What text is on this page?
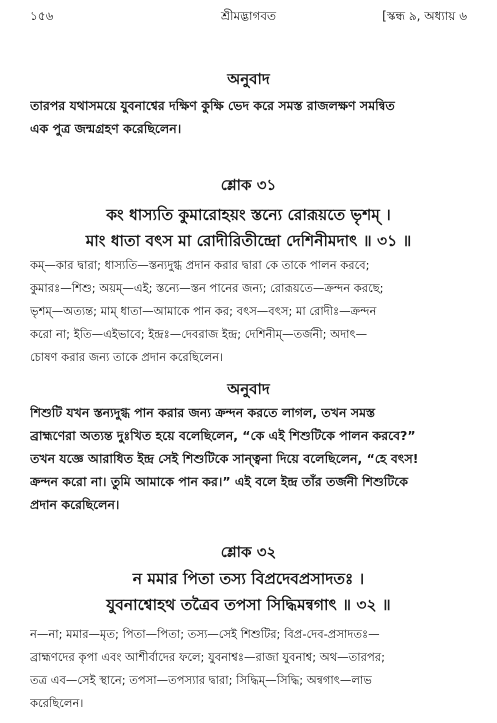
১৫৬	শ্রীমদ্ভাগবত	[স্কন্ধ ৯, অধ্যায় ৬
অনুবাদ
তারপর যথাসময়ে যুবনাশ্বের দক্ষিণ কুক্ষি ভেদ করে সমস্ত রাজলক্ষণ সমন্বিত
এক পুত্র জন্মগ্রহণ করেছিলেন।
শ্লোক ৩১
কং ধাস্যতি কুমারোহয়ং স্তন্যে রোরূয়তে ভৃশম্ ।
মাং ধাতা বৎস মা রোদীরিতীন্দ্রো দেশিনীমদাৎ ॥ ৩১ ॥
কম্—কার দ্বারা; ধাস্যতি—স্তন্যদুগ্ধ প্রদান করার দ্বারা কে তাকে পালন করবে;
কুমারঃ—শিশু; অয়ম্—এই; স্তন্যে—স্তন পানের জন্য; রোরূয়তে—ক্রন্দন করছে;
ভৃশম্—অত্যন্ত; মাম্ ধাতা—আমাকে পান কর; বৎস—বৎস; মা রোদীঃ—ক্রন্দন
করো না; ইতি—এইভাবে; ইন্দ্রঃ—দেবরাজ ইন্দ্র; দেশিনীম্—তর্জনী; অদাৎ—
চোষণ করার জন্য তাকে প্রদান করেছিলেন।
অনুবাদ
শিশুটি যখন স্তন্যদুগ্ধ পান করার জন্য ক্রন্দন করতে লাগল, তখন সমস্ত
ব্রাহ্মণেরা অত্যন্ত দুঃখিত হয়ে বলেছিলেন, “কে এই শিশুটিকে পালন করবে?”
তখন যজ্ঞে আরাধিত ইন্দ্র সেই শিশুটিকে সান্ত্বনা দিয়ে বলেছিলেন, “হে বৎস!
ক্রন্দন করো না। তুমি আমাকে পান কর।” এই বলে ইন্দ্র তাঁর তর্জনী শিশুটিকে
প্রদান করেছিলেন।
শ্লোক ৩২
ন মমার পিতা তস্য বিপ্রদেবপ্রসাদতঃ ।
যুবনাশ্বোহথ তত্রৈব তপসা সিদ্ধিমন্বগাৎ ॥ ৩২ ॥
ন—না; মমার—মৃত; পিতা—পিতা; তস্য—সেই শিশুটির; বিপ্র-দেব-প্রসাদতঃ—
ব্রাহ্মণদের কৃপা এবং আশীর্বাদের ফলে; যুবনাশ্বঃ—রাজা যুবনাশ্ব; অথ—তারপর;
তত্র এব—সেই স্থানে; তপসা—তপস্যার দ্বারা; সিদ্ধিম্—সিদ্ধি; অন্বগাৎ—লাভ
করেছিলেন।
